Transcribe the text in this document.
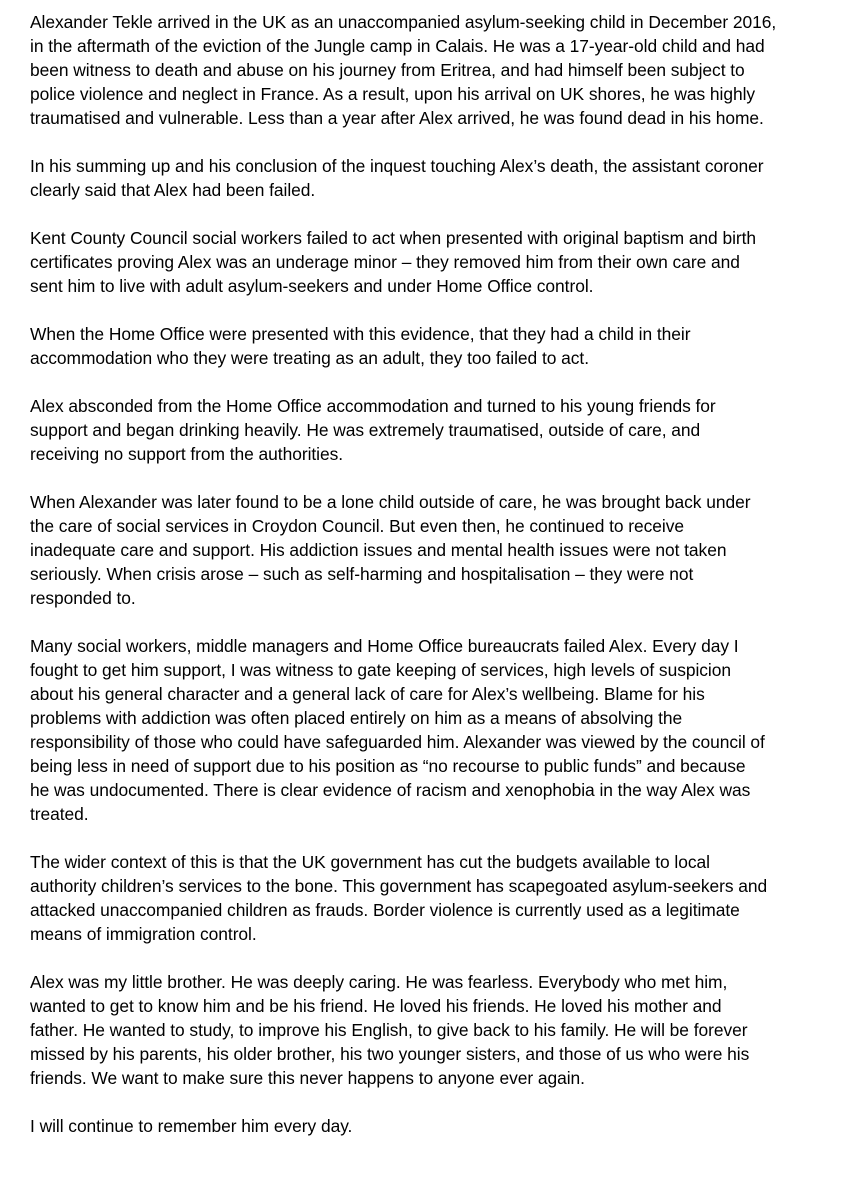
Alexander Tekle arrived in the UK as an unaccompanied asylum-seeking child in December 2016,
in the aftermath of the eviction of the Jungle camp in Calais. He was a 17-year-old child and had
been witness to death and abuse on his journey from Eritrea, and had himself been subject to
police violence and neglect in France. As a result, upon his arrival on UK shores, he was highly
traumatised and vulnerable. Less than a year after Alex arrived, he was found dead in his home.

In his summing up and his conclusion of the inquest touching Alex’s death, the assistant coroner
clearly said that Alex had been failed.

Kent County Council social workers failed to act when presented with original baptism and birth
certificates proving Alex was an underage minor – they removed him from their own care and
sent him to live with adult asylum-seekers and under Home Office control.

When the Home Office were presented with this evidence, that they had a child in their
accommodation who they were treating as an adult, they too failed to act.

Alex absconded from the Home Office accommodation and turned to his young friends for
support and began drinking heavily. He was extremely traumatised, outside of care, and
receiving no support from the authorities.

When Alexander was later found to be a lone child outside of care, he was brought back under
the care of social services in Croydon Council. But even then, he continued to receive
inadequate care and support. His addiction issues and mental health issues were not taken
seriously. When crisis arose – such as self-harming and hospitalisation – they were not
responded to.

Many social workers, middle managers and Home Office bureaucrats failed Alex. Every day I
fought to get him support, I was witness to gate keeping of services, high levels of suspicion
about his general character and a general lack of care for Alex’s wellbeing. Blame for his
problems with addiction was often placed entirely on him as a means of absolving the
responsibility of those who could have safeguarded him. Alexander was viewed by the council of
being less in need of support due to his position as “no recourse to public funds” and because
he was undocumented. There is clear evidence of racism and xenophobia in the way Alex was
treated.

The wider context of this is that the UK government has cut the budgets available to local
authority children’s services to the bone. This government has scapegoated asylum-seekers and
attacked unaccompanied children as frauds. Border violence is currently used as a legitimate
means of immigration control.

Alex was my little brother. He was deeply caring. He was fearless. Everybody who met him,
wanted to get to know him and be his friend. He loved his friends. He loved his mother and
father. He wanted to study, to improve his English, to give back to his family. He will be forever
missed by his parents, his older brother, his two younger sisters, and those of us who were his
friends. We want to make sure this never happens to anyone ever again.

I will continue to remember him every day.
